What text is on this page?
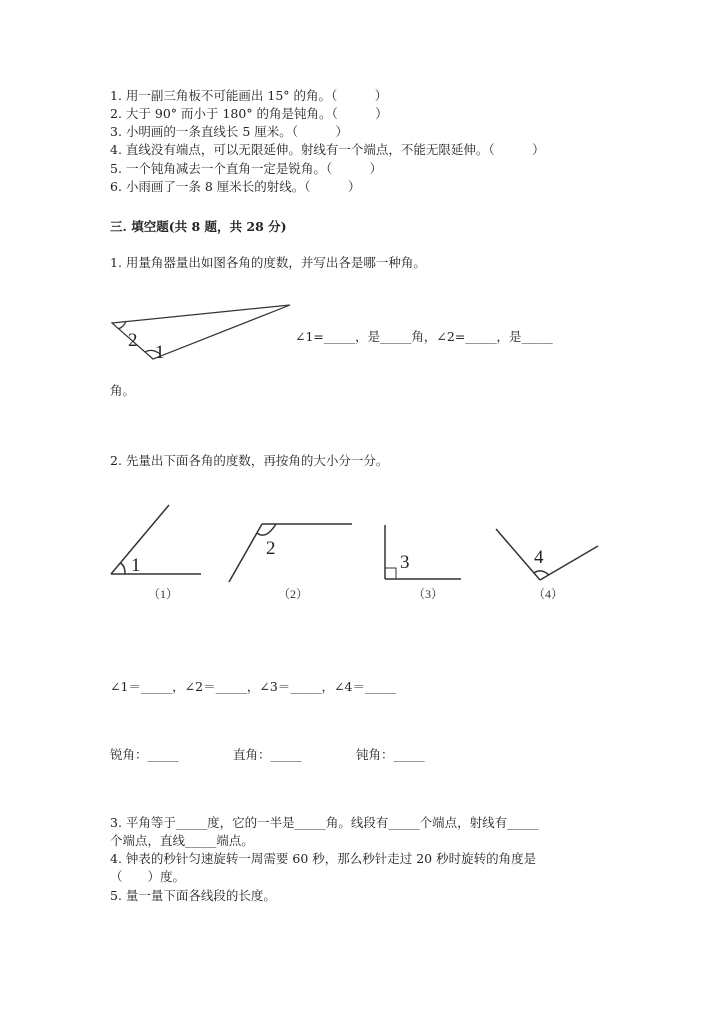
1. 用一副三角板不可能画出 15° 的角。（　　　）
2. 大于 90° 而小于 180° 的角是钝角。（　　　）
3. 小明画的一条直线长 5 厘米。（　　　）
4. 直线没有端点，可以无限延伸。射线有一个端点，不能无限延伸。（　　　）
5. 一个钝角减去一个直角一定是锐角。（　　　）
6. 小雨画了一条 8 厘米长的射线。（　　　）
三. 填空题(共 8 题，共 28 分)
1. 用量角器量出如图各角的度数，并写出各是哪一种角。
2
1
1
2
3	4
（1）	（2）	（3）	（4）
∠1=_____，是_____角，∠2=_____，是_____
角。
2. 先量出下面各角的度数，再按角的大小分一分。
∠1＝_____，∠2＝_____，∠3＝_____，∠4＝_____
锐角：_____	直角：_____	钝角：_____
3. 平角等于_____度，它的一半是_____角。线段有_____个端点，射线有_____
个端点，直线_____端点。
4. 钟表的秒针匀速旋转一周需要 60 秒，那么秒针走过 20 秒时旋转的角度是
（　　）度。
5. 量一量下面各线段的长度。
